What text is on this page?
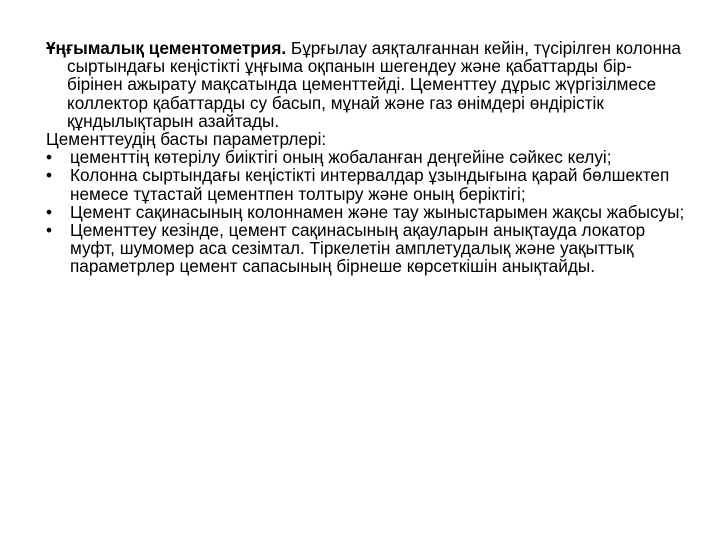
Ұңғымалық цементометрия. Бұрғылау аяқталғаннан кейін, түсірілген колонна сыртындағы кеңістікті ұңғыма оқпанын шегендеу және қабаттарды бір-бірінен ажырату мақсатында цементтейді. Цементтеу дұрыс жүргізілмесе коллектор қабаттарды су басып, мұнай және газ өнімдері өндірістік құндылықтарын азайтады.

Цементтеудің басты параметрлері:

• цементтің көтерілу биіктігі оның жобаланған деңгейіне сәйкес келуі;
• Колонна сыртындағы кеңістікті интервалдар ұзындығына қарай бөлшектеп немесе тұтастай цементпен толтыру және оның беріктігі;
• Цемент сақинасының колоннамен және тау жыныстарымен жақсы жабысуы;
• Цементтеу кезінде, цемент сақинасының ақауларын анықтауда локатор муфт, шумомер аса сезімтал. Тіркелетін амплетудалық және уақыттық параметрлер цемент сапасының бірнеше көрсеткішін анықтайды.
